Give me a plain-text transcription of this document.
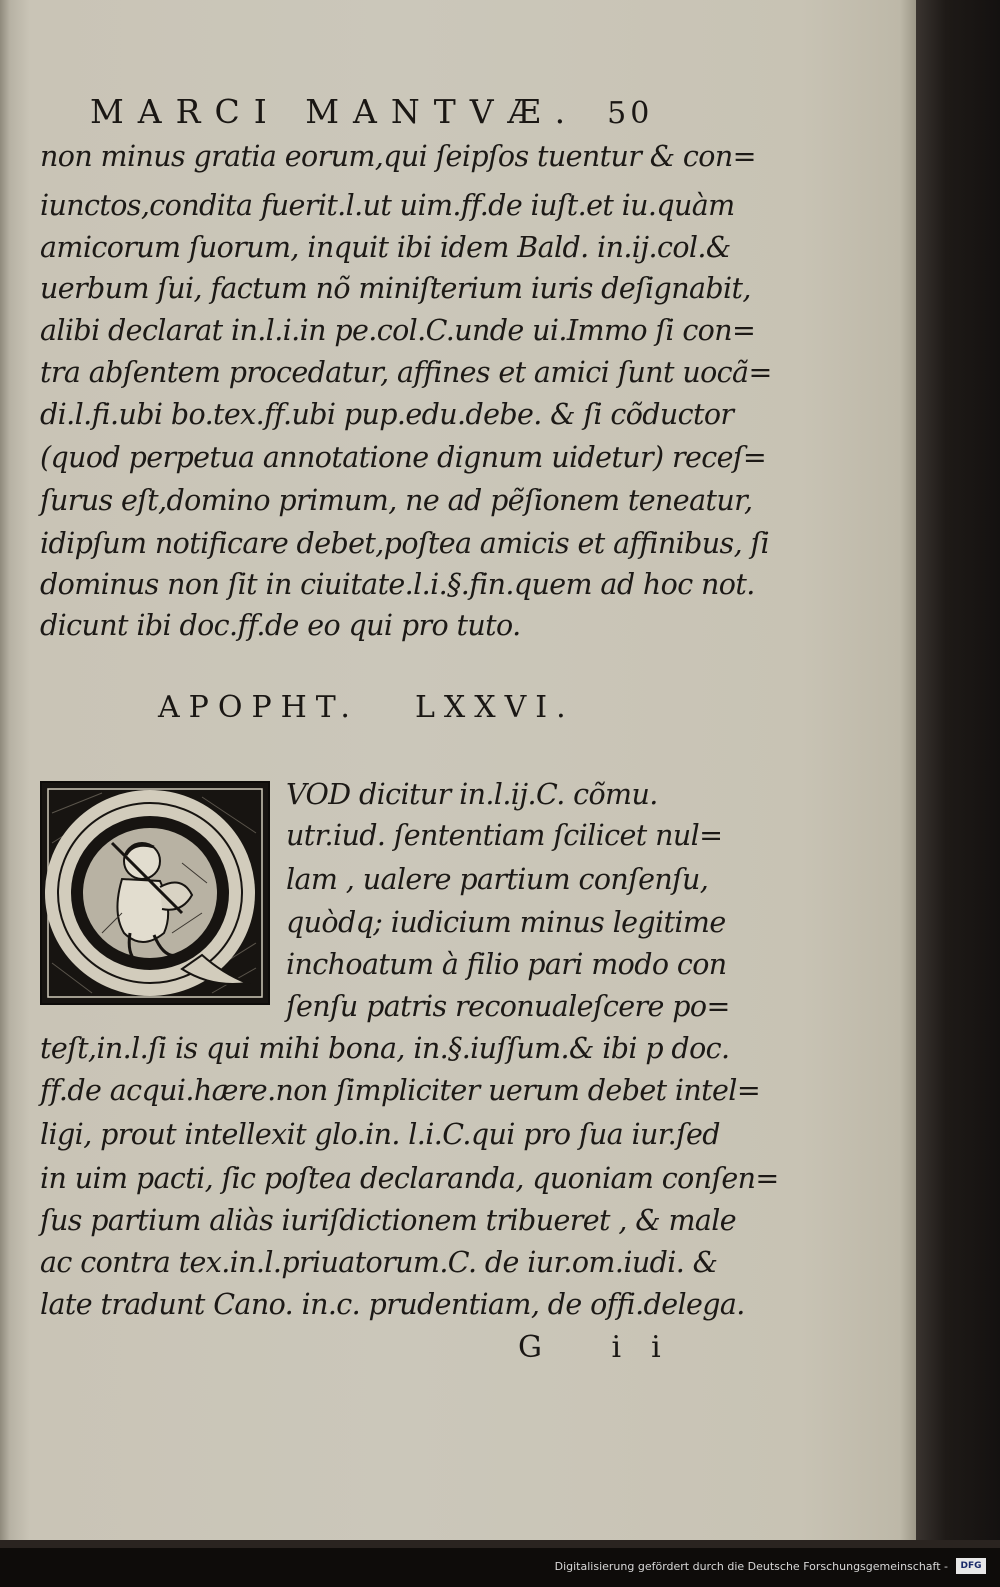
MARCI MANTVÆ. 50
non minus gratia eorum,qui ſeipſos tuentur & con=
iunctos,condita fuerit.l.ut uim.ff.de iuſt.et iu.quàm
amicorum ſuorum, inquit ibi idem Bald. in.ij.col.&
uerbum ſui, factum nõ miniſterium iuris deſignabit,
alibi declarat in.l.i.in pe.col.C.unde ui.Immo ſi con=
tra abſentem procedatur, affines et amici ſunt uocã=
di.l.fi.ubi bo.tex.ff.ubi pup.edu.debe. & ſi cõductor
(quod perpetua annotatione dignum uidetur) receſ=
ſurus eſt,domino primum, ne ad pẽſionem teneatur,
idipſum notificare debet,poſtea amicis et affinibus, ſi
dominus non ſit in ciuitate.l.i.§.fin.quem ad hoc not.
dicunt ibi doc.ff.de eo qui pro tuto.
APOPHT. LXXVI.
VOD dicitur in.l.ij.C. cõmu.
utr.iud. ſententiam ſcilicet nul=
lam , ualere partium conſenſu,
quòdq; iudicium minus legitime
inchoatum à filio pari modo con
ſenſu patris reconualeſcere po=
teſt,in.l.ſi is qui mihi bona, in.§.iuſſum.& ibi p doc.
ff.de acqui.hære.non ſimpliciter uerum debet intel=
ligi, prout intellexit glo.in. l.i.C.qui pro ſua iur.ſed
in uim pacti, ſic poſtea declaranda, quoniam conſen=
ſus partium aliàs iuriſdictionem tribueret , & male
ac contra tex.in.l.priuatorum.C. de iur.om.iudi. &
late tradunt Cano. in.c. prudentiam, de offi.delega.
G ii
Digitalisierung gefördert durch die Deutsche Forschungsgemeinschaft -	DFG
